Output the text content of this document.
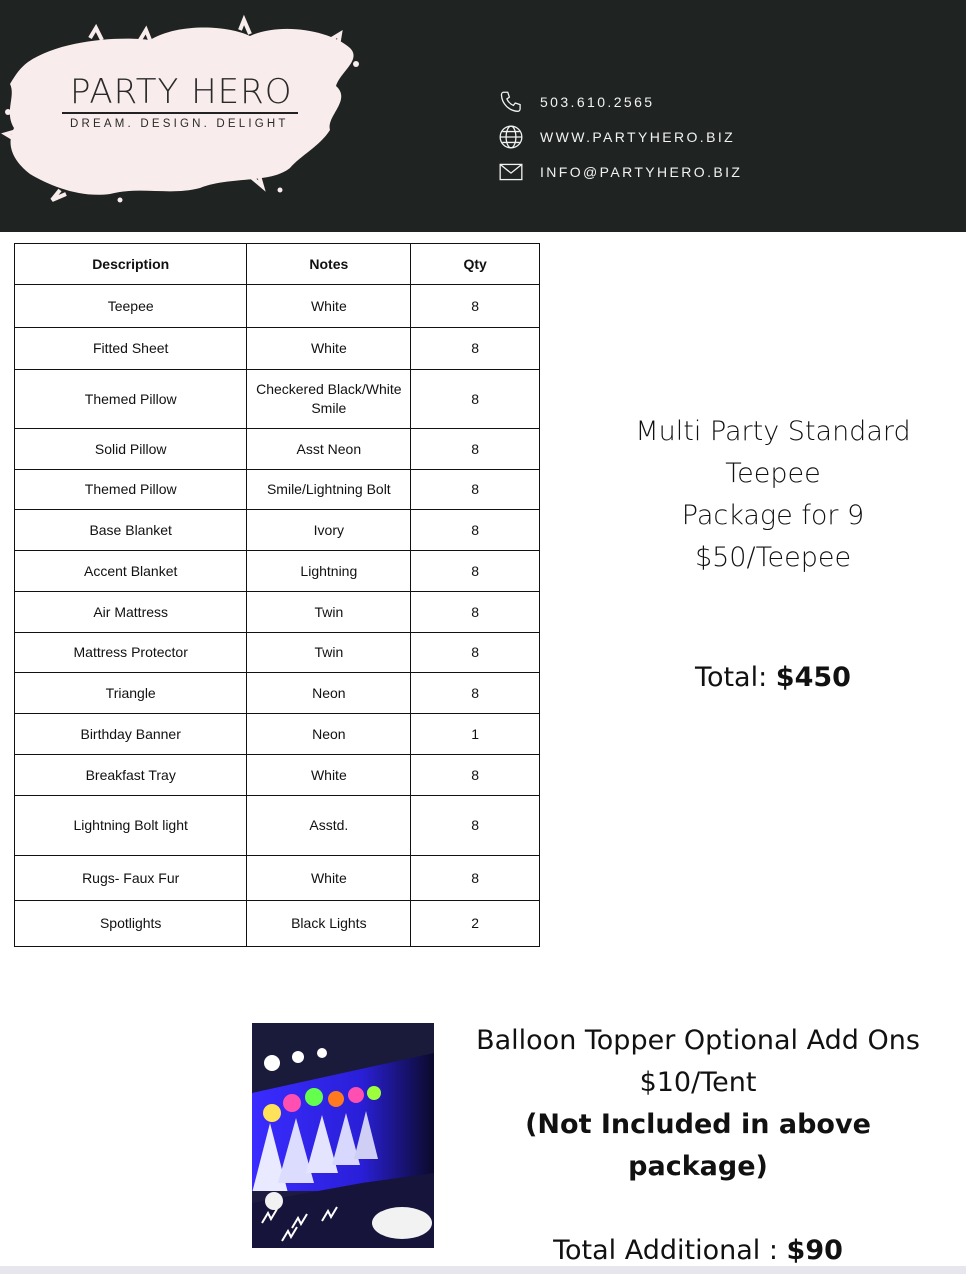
PARTY HERO
DREAM. DESIGN. DELIGHT
503.610.2565
WWW.PARTYHERO.BIZ
INFO@PARTYHERO.BIZ
Description	Notes	Qty
Teepee	White	8
Fitted Sheet	White	8
Themed Pillow	Checkered Black/White Smile	8
Solid Pillow	Asst Neon	8
Themed Pillow	Smile/Lightning Bolt	8
Base Blanket	Ivory	8
Accent Blanket	Lightning	8
Air Mattress	Twin	8
Mattress Protector	Twin	8
Triangle	Neon	8
Birthday Banner	Neon	1
Breakfast Tray	White	8
Lightning Bolt light	Asstd.	8
Rugs- Faux Fur	White	8
Spotlights	Black Lights	2
Multi Party Standard Teepee
Package for 9
$50/Teepee
Total: $450
Balloon Topper Optional Add Ons
$10/Tent
(Not Included in above package)
Total Additional : $90
